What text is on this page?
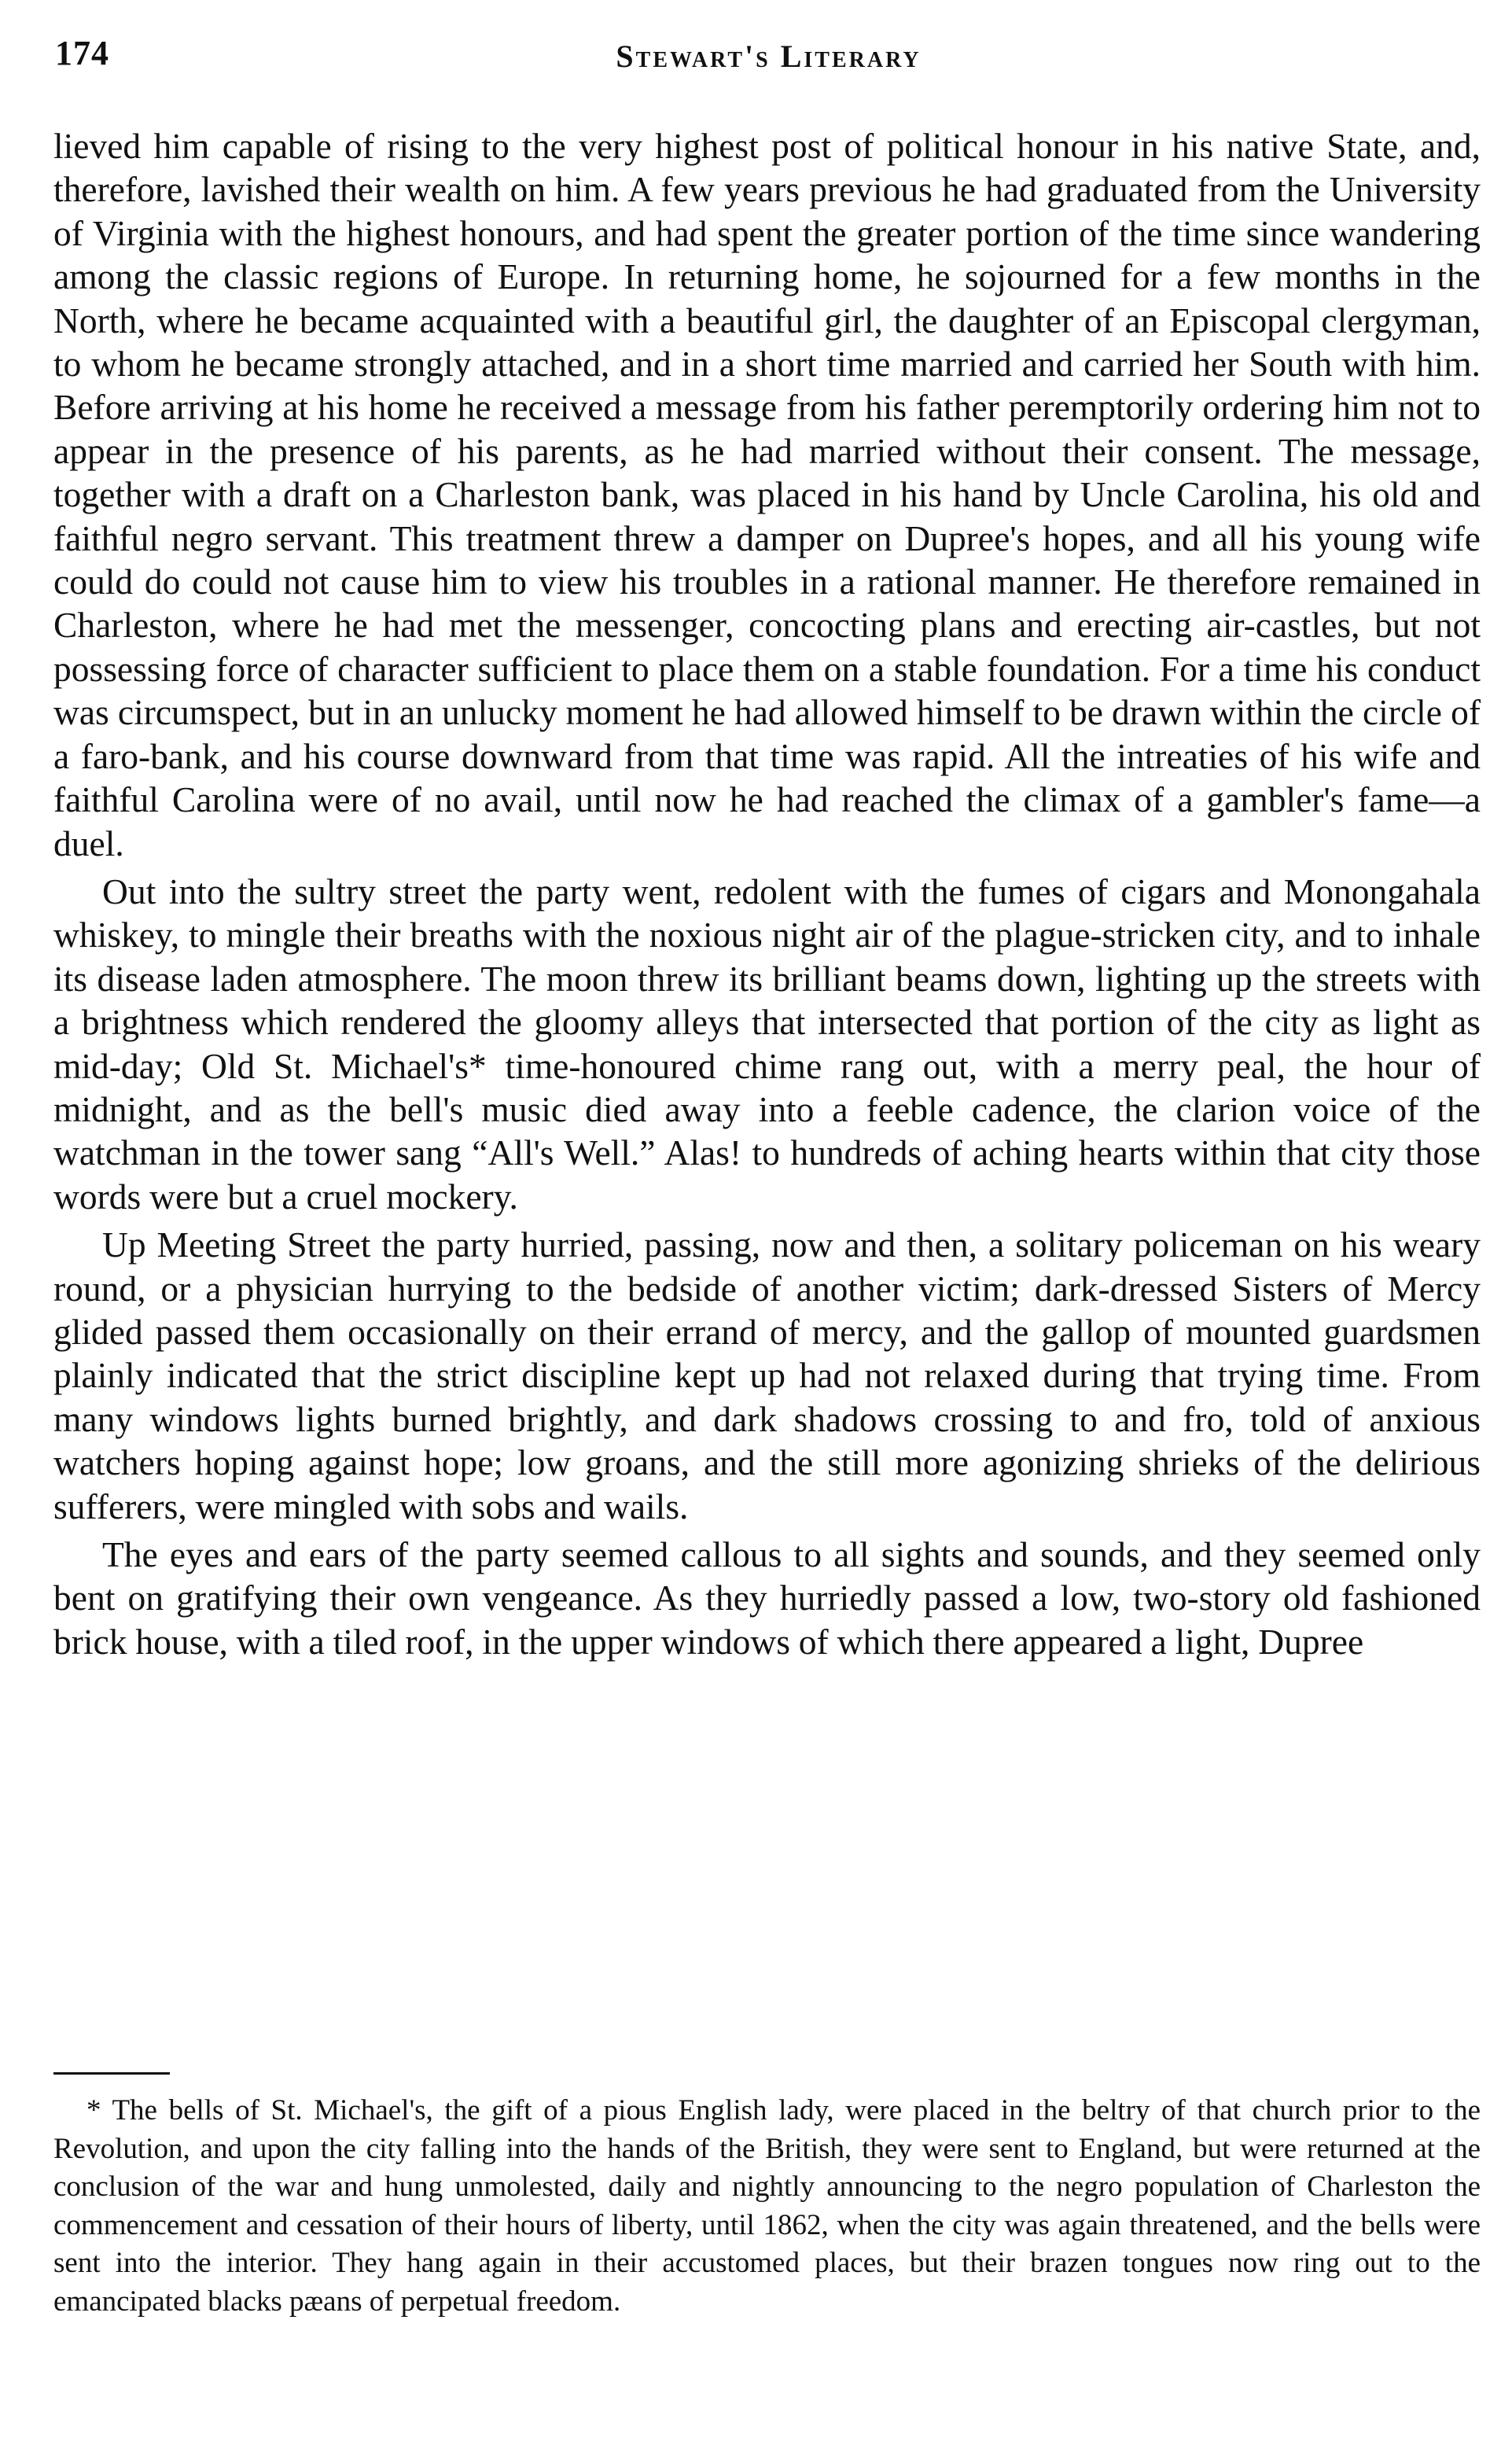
174	Stewart's Literary

lieved him capable of rising to the very highest post of political honour in his native State, and, therefore, lavished their wealth on him. A few years previous he had graduated from the University of Virginia with the highest honours, and had spent the greater portion of the time since wandering among the classic regions of Europe. In returning home, he sojourned for a few months in the North, where he became acquainted with a beautiful girl, the daughter of an Episcopal clergyman, to whom he became strongly attached, and in a short time married and carried her South with him. Before arriving at his home he received a message from his father peremptorily ordering him not to appear in the presence of his parents, as he had married without their consent. The message, together with a draft on a Charleston bank, was placed in his hand by Uncle Carolina, his old and faithful negro servant. This treatment threw a damper on Dupree's hopes, and all his young wife could do could not cause him to view his troubles in a rational manner. He therefore remained in Charleston, where he had met the messenger, concocting plans and erecting air-castles, but not possessing force of character sufficient to place them on a stable foundation. For a time his conduct was circumspect, but in an unlucky moment he had allowed himself to be drawn within the circle of a faro-bank, and his course downward from that time was rapid. All the intreaties of his wife and faithful Carolina were of no avail, until now he had reached the climax of a gambler's fame—a duel.

Out into the sultry street the party went, redolent with the fumes of cigars and Monongahala whiskey, to mingle their breaths with the noxious night air of the plague-stricken city, and to inhale its disease laden atmosphere. The moon threw its brilliant beams down, lighting up the streets with a brightness which rendered the gloomy alleys that intersected that portion of the city as light as mid-day; Old St. Michael's* time-honoured chime rang out, with a merry peal, the hour of midnight, and as the bell's music died away into a feeble cadence, the clarion voice of the watchman in the tower sang “All's Well.” Alas! to hundreds of aching hearts within that city those words were but a cruel mockery.

Up Meeting Street the party hurried, passing, now and then, a solitary policeman on his weary round, or a physician hurrying to the bedside of another victim; dark-dressed Sisters of Mercy glided passed them occasionally on their errand of mercy, and the gallop of mounted guardsmen plainly indicated that the strict discipline kept up had not relaxed during that trying time. From many windows lights burned brightly, and dark shadows crossing to and fro, told of anxious watchers hoping against hope; low groans, and the still more agonizing shrieks of the delirious sufferers, were mingled with sobs and wails.

The eyes and ears of the party seemed callous to all sights and sounds, and they seemed only bent on gratifying their own vengeance. As they hurriedly passed a low, two-story old fashioned brick house, with a tiled roof, in the upper windows of which there appeared a light, Dupree

* The bells of St. Michael's, the gift of a pious English lady, were placed in the beltry of that church prior to the Revolution, and upon the city falling into the hands of the British, they were sent to England, but were returned at the conclusion of the war and hung unmolested, daily and nightly announcing to the negro population of Charleston the commencement and cessation of their hours of liberty, until 1862, when the city was again threatened, and the bells were sent into the interior. They hang again in their accustomed places, but their brazen tongues now ring out to the emancipated blacks pæans of perpetual freedom.
